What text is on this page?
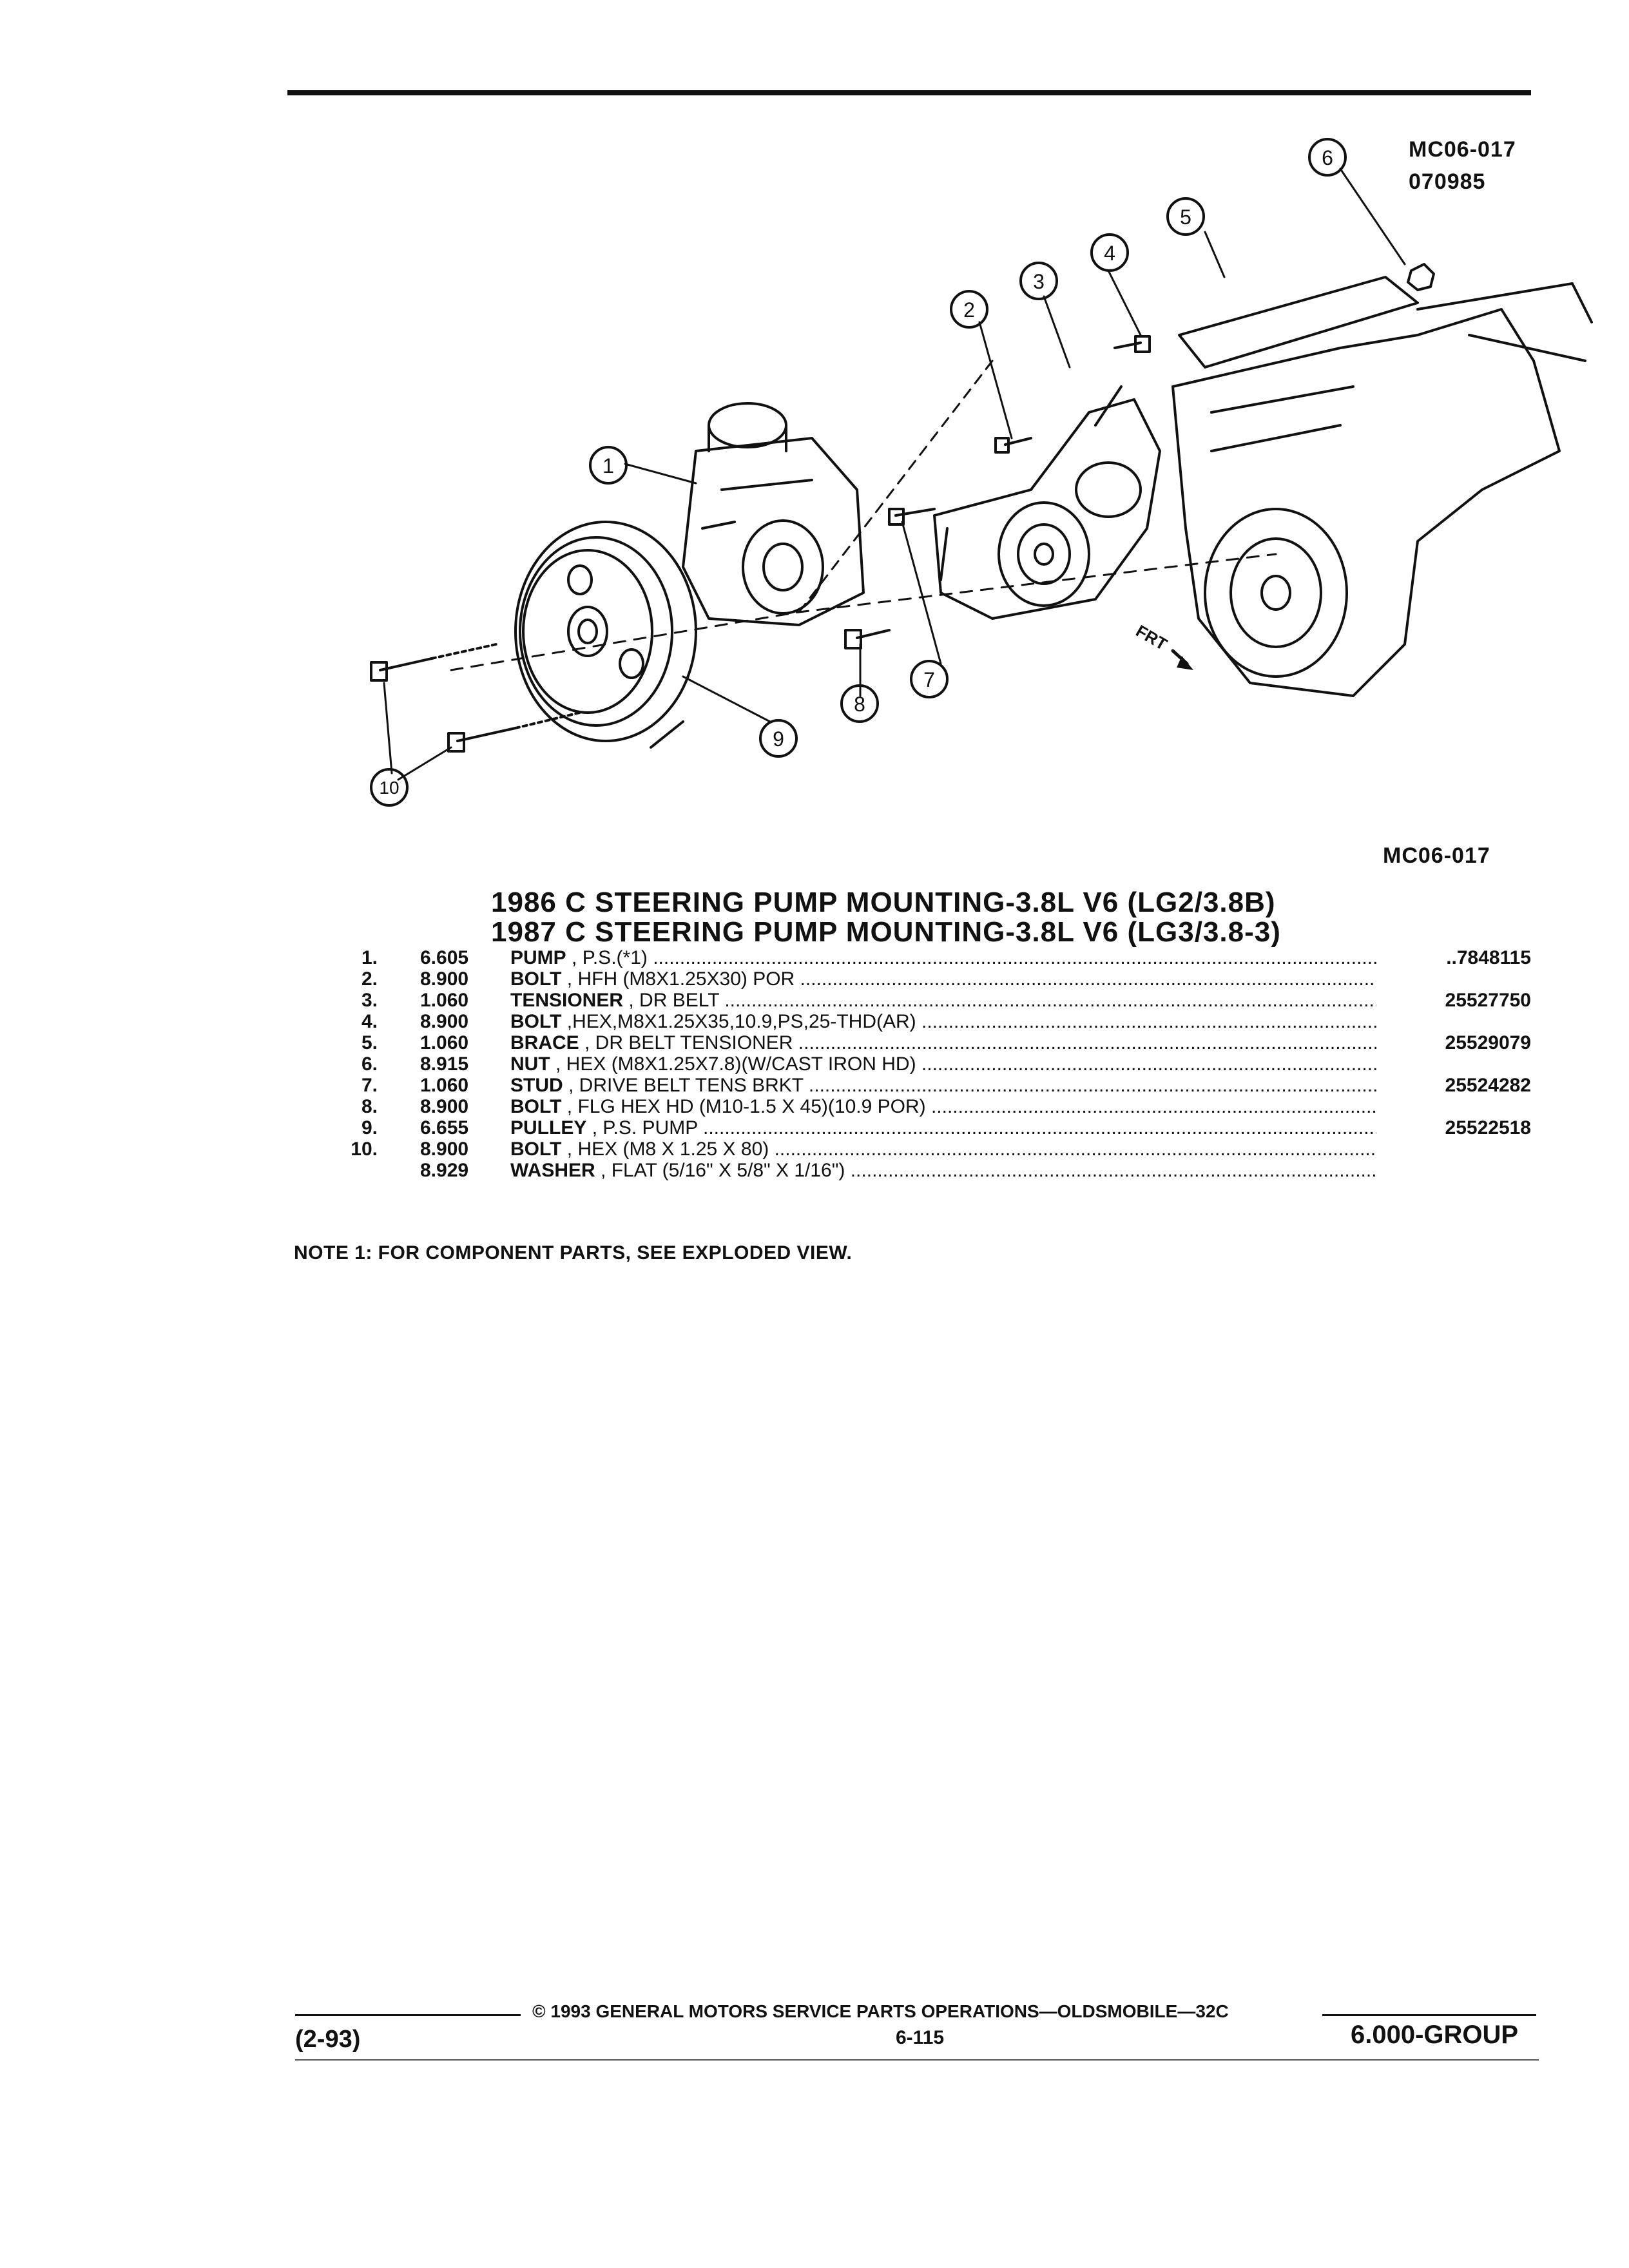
MC06-017
070985
FRT
1
2
3
4
5
6
7
8
9
10
MC06-017
1986 C STEERING PUMP MOUNTING-3.8L V6 (LG2/3.8B)
1987 C STEERING PUMP MOUNTING-3.8L V6 (LG3/3.8-3)
1. 6.605 PUMP , P.S.(*1) .....	..7848115
2. 8.900 BOLT , HFH (M8X1.25X30) POR .....
3. 1.060 TENSIONER , DR BELT .....	25527750
4. 8.900 BOLT ,HEX,M8X1.25X35,10.9,PS,25-THD(AR) .....
5. 1.060 BRACE , DR BELT TENSIONER .....	25529079
6. 8.915 NUT , HEX (M8X1.25X7.8)(W/CAST IRON HD) .....
7. 1.060 STUD , DRIVE BELT TENS BRKT .....	25524282
8. 8.900 BOLT , FLG HEX HD (M10-1.5 X 45)(10.9 POR) .....
9. 6.655 PULLEY , P.S. PUMP .....	25522518
10. 8.900 BOLT , HEX (M8 X 1.25 X 80) .....
8.929 WASHER , FLAT (5/16" X 5/8" X 1/16") .....
NOTE 1: FOR COMPONENT PARTS, SEE EXPLODED VIEW.
© 1993 GENERAL MOTORS SERVICE PARTS OPERATIONS—OLDSMOBILE—32C
(2-93)	6-115	6.000-GROUP
